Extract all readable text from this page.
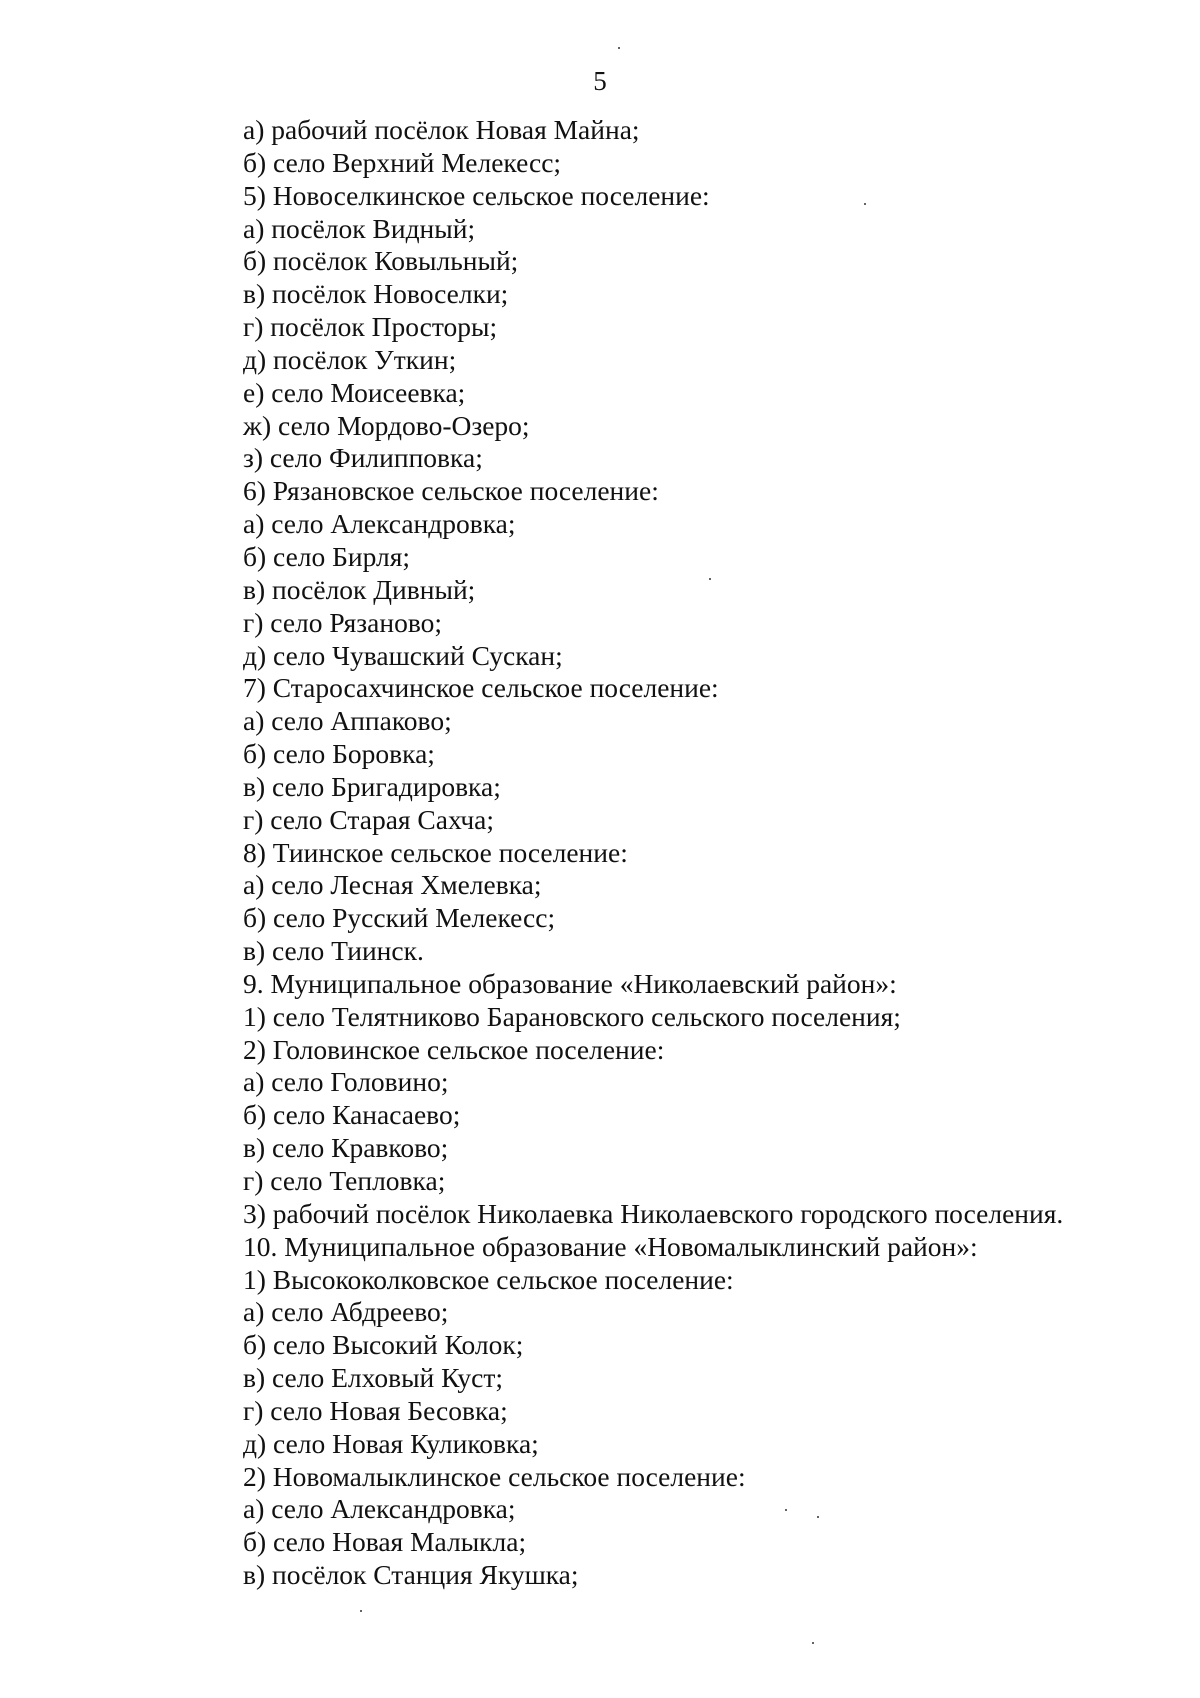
5
а) рабочий посёлок Новая Майна;
б) село Верхний Мелекесс;
5) Новоселкинское сельское поселение:
а) посёлок Видный;
б) посёлок Ковыльный;
в) посёлок Новоселки;
г) посёлок Просторы;
д) посёлок Уткин;
е) село Моисеевка;
ж) село Мордово-Озеро;
з) село Филипповка;
6) Рязановское сельское поселение:
а) село Александровка;
б) село Бирля;
в) посёлок Дивный;
г) село Рязаново;
д) село Чувашский Сускан;
7) Старосахчинское сельское поселение:
а) село Аппаково;
б) село Боровка;
в) село Бригадировка;
г) село Старая Сахча;
8) Тиинское сельское поселение:
а) село Лесная Хмелевка;
б) село Русский Мелекесс;
в) село Тиинск.
9. Муниципальное образование «Николаевский район»:
1) село Телятниково Барановского сельского поселения;
2) Головинское сельское поселение:
а) село Головино;
б) село Канасаево;
в) село Кравково;
г) село Тепловка;
3) рабочий посёлок Николаевка Николаевского городского поселения.
10. Муниципальное образование «Новомалыклинский район»:
1) Высококолковское сельское поселение:
а) село Абдреево;
б) село Высокий Колок;
в) село Елховый Куст;
г) село Новая Бесовка;
д) село Новая Куликовка;
2) Новомалыклинское сельское поселение:
а) село Александровка;
б) село Новая Малыкла;
в) посёлок Станция Якушка;
